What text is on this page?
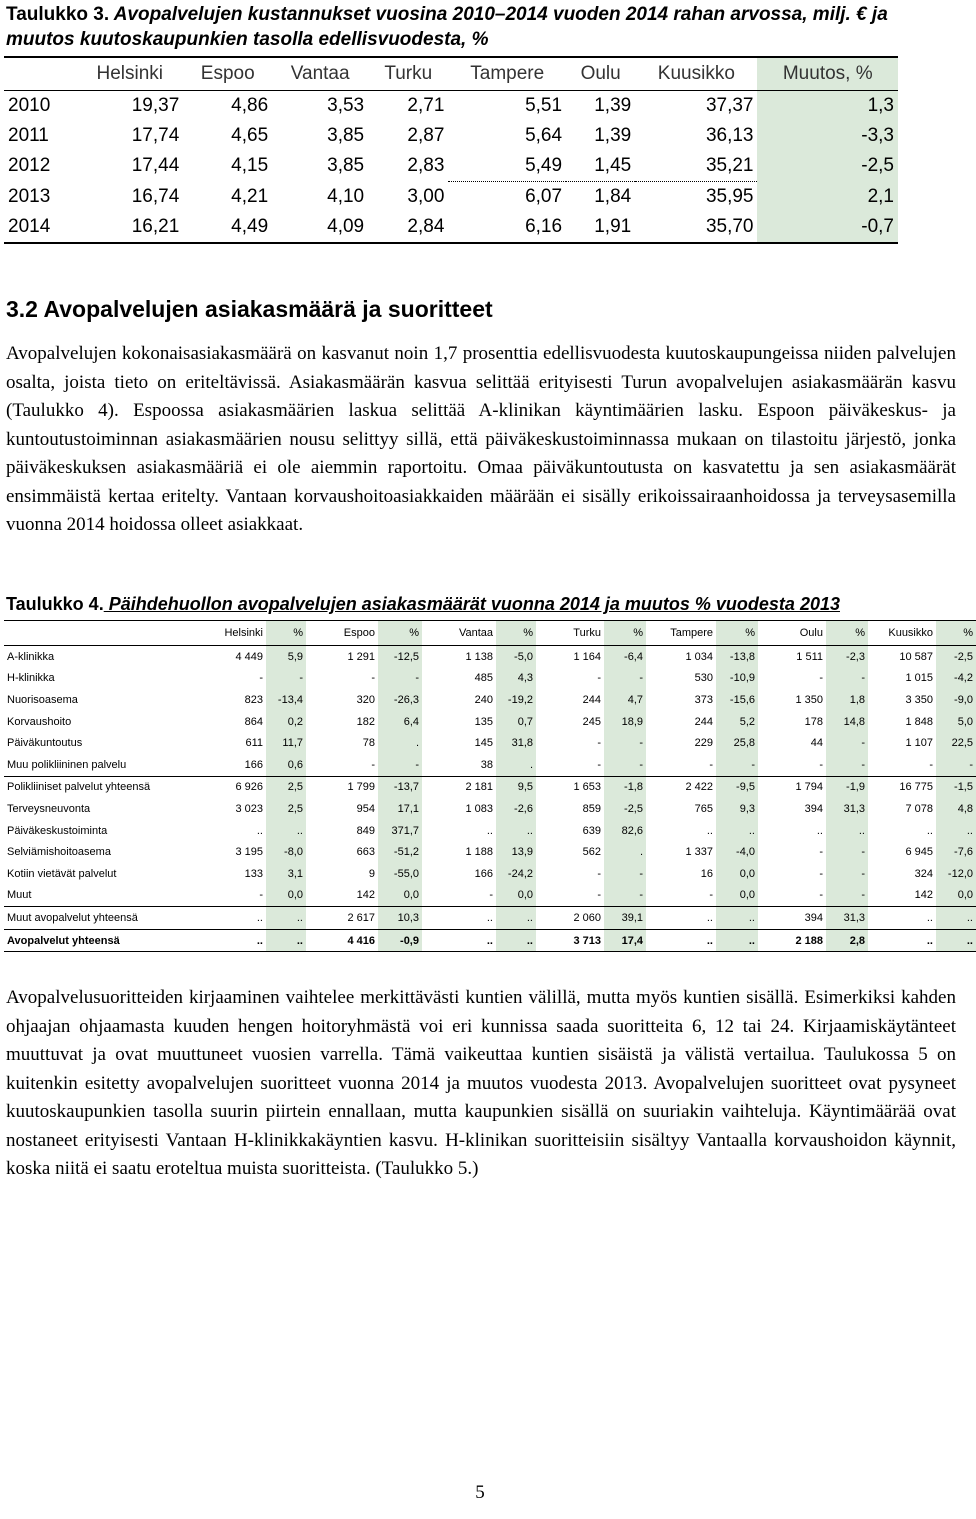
Taulukko 3. Avopalvelujen kustannukset vuosina 2010–2014 vuoden 2014 rahan arvossa, milj. € ja muutos kuutoskaupunkien tasolla edellisvuodesta, %
	Helsinki	Espoo	Vantaa	Turku	Tampere	Oulu	Kuusikko	Muutos, %
2010	19,37	4,86	3,53	2,71	5,51	1,39	37,37	1,3
2011	17,74	4,65	3,85	2,87	5,64	1,39	36,13	-3,3
2012	17,44	4,15	3,85	2,83	5,49	1,45	35,21	-2,5
2013	16,74	4,21	4,10	3,00	6,07	1,84	35,95	2,1
2014	16,21	4,49	4,09	2,84	6,16	1,91	35,70	-0,7
3.2 Avopalvelujen asiakasmäärä ja suoritteet

Avopalvelujen kokonaisasiakasmäärä on kasvanut noin 1,7 prosenttia edellisvuodesta kuutoskaupungeissa niiden palvelujen osalta, joista tieto on eriteltävissä. Asiakasmäärän kasvua selittää erityisesti Turun avopalvelujen asiakasmäärän kasvu (Taulukko 4). Espoossa asiakasmäärien laskua selittää A-klinikan käyntimäärien lasku. Espoon päiväkeskus- ja kuntoutustoiminnan asiakasmäärien nousu selittyy sillä, että päiväkeskustoiminnassa mukaan on tilastoitu järjestö, jonka päiväkeskuksen asiakasmääriä ei ole aiemmin raportoitu. Omaa päiväkuntoutusta on kasvatettu ja sen asiakasmäärät ensimmäistä kertaa eritelty. Vantaan korvaushoitoasiakkaiden määrään ei sisälly erikoissairaanhoidossa ja terveysasemilla vuonna 2014 hoidossa olleet asiakkaat.

Taulukko 4. Päihdehuollon avopalvelujen asiakasmäärät vuonna 2014 ja muutos % vuodesta 2013
	Helsinki	%	Espoo	%	Vantaa	%	Turku	%	Tampere	%	Oulu	%	Kuusikko	%
A-klinikka	4 449	5,9	1 291	-12,5	1 138	-5,0	1 164	-6,4	1 034	-13,8	1 511	-2,3	10 587	-2,5
H-klinikka	-	-	-	-	485	4,3	-	-	530	-10,9	-	-	1 015	-4,2
Nuorisoasema	823	-13,4	320	-26,3	240	-19,2	244	4,7	373	-15,6	1 350	1,8	3 350	-9,0
Korvaushoito	864	0,2	182	6,4	135	0,7	245	18,9	244	5,2	178	14,8	1 848	5,0
Päiväkuntoutus	611	11,7	78	.	145	31,8	-	-	229	25,8	44	-	1 107	22,5
Muu polikliininen palvelu	166	0,6	-	-	38	.	-	-	-	-	-	-	-	-
Polikliiniset palvelut yhteensä	6 926	2,5	1 799	-13,7	2 181	9,5	1 653	-1,8	2 422	-9,5	1 794	-1,9	16 775	-1,5
Terveysneuvonta	3 023	2,5	954	17,1	1 083	-2,6	859	-2,5	765	9,3	394	31,3	7 078	4,8
Päiväkeskustoiminta	..	..	849	371,7	..	..	639	82,6	..	..	..	..	..	..
Selviämishoitoasema	3 195	-8,0	663	-51,2	1 188	13,9	562	.	1 337	-4,0	-	-	6 945	-7,6
Kotiin vietävät palvelut	133	3,1	9	-55,0	166	-24,2	-	-	16	0,0	-	-	324	-12,0
Muut	-	0,0	142	0,0	-	0,0	-	-	-	0,0	-	-	142	0,0
Muut avopalvelut yhteensä	..	..	2 617	10,3	..	..	2 060	39,1	..	..	394	31,3	..	..
Avopalvelut yhteensä	..	..	4 416	-0,9	..	..	3 713	17,4	..	..	2 188	2,8	..	..

Avopalvelusuoritteiden kirjaaminen vaihtelee merkittävästi kuntien välillä, mutta myös kuntien sisällä. Esimerkiksi kahden ohjaajan ohjaamasta kuuden hengen hoitoryhmästä voi eri kunnissa saada suoritteita 6, 12 tai 24. Kirjaamiskäytänteet muuttuvat ja ovat muuttuneet vuosien varrella. Tämä vaikeuttaa kuntien sisäistä ja välistä vertailua. Taulukossa 5 on kuitenkin esitetty avopalvelujen suoritteet vuonna 2014 ja muutos vuodesta 2013. Avopalvelujen suoritteet ovat pysyneet kuutoskaupunkien tasolla suurin piirtein ennallaan, mutta kaupunkien sisällä on suuriakin vaihteluja. Käyntimäärää ovat nostaneet erityisesti Vantaan H-klinikkakäyntien kasvu. H-klinikan suoritteisiin sisältyy Vantaalla korvaushoidon käynnit, koska niitä ei saatu eroteltua muista suoritteista. (Taulukko 5.)

5
